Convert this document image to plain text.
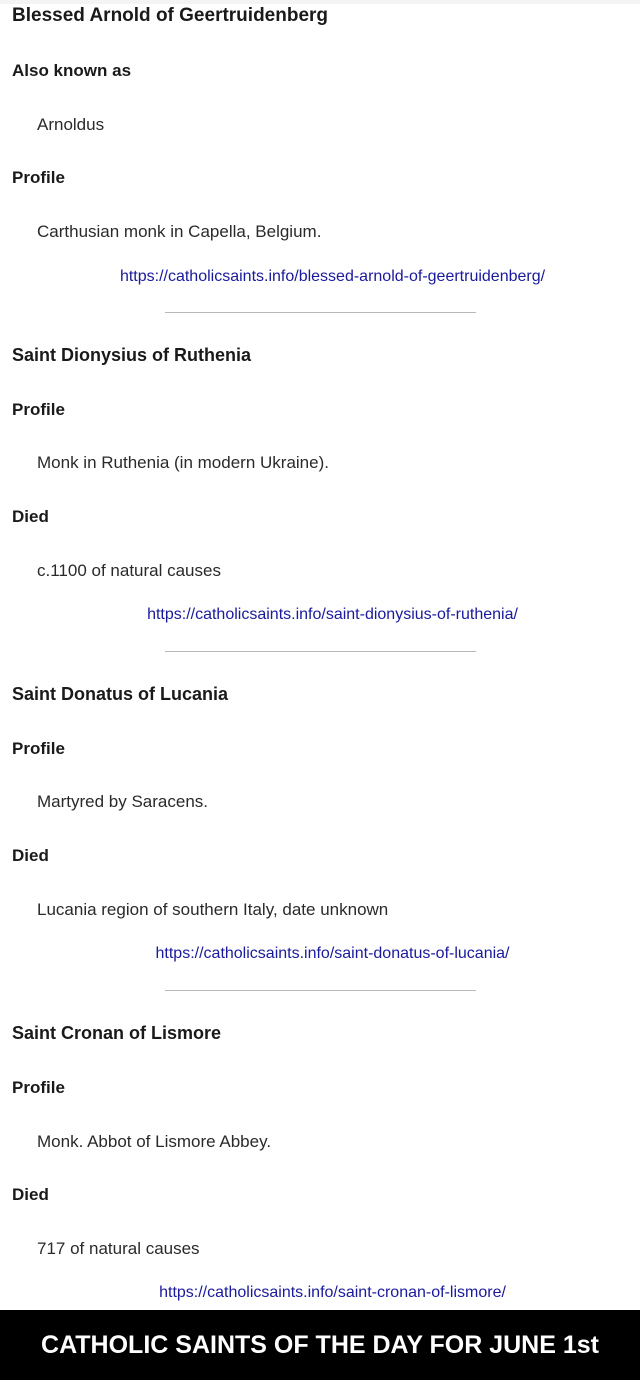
Blessed Arnold of Geertruidenberg
Also known as
Arnoldus
Profile
Carthusian monk in Capella, Belgium.
https://catholicsaints.info/blessed-arnold-of-geertruidenberg/
Saint Dionysius of Ruthenia
Profile
Monk in Ruthenia (in modern Ukraine).
Died
c.1100 of natural causes
https://catholicsaints.info/saint-dionysius-of-ruthenia/
Saint Donatus of Lucania
Profile
Martyred by Saracens.
Died
Lucania region of southern Italy, date unknown
https://catholicsaints.info/saint-donatus-of-lucania/
Saint Cronan of Lismore
Profile
Monk. Abbot of Lismore Abbey.
Died
717 of natural causes
https://catholicsaints.info/saint-cronan-of-lismore/
CATHOLIC SAINTS OF THE DAY FOR JUNE 1st
